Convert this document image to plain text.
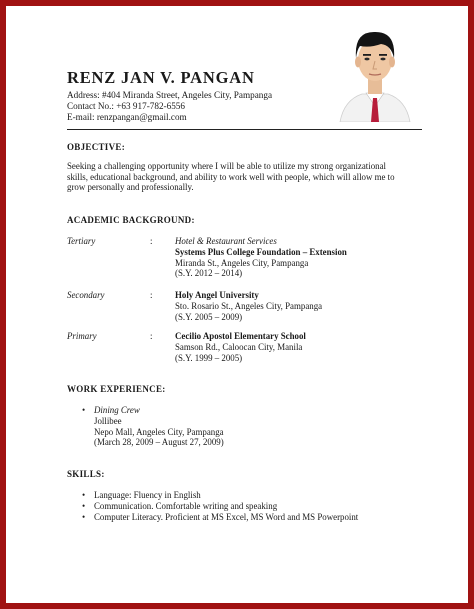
RENZ JAN V. PANGAN
Address: #404 Miranda Street, Angeles City, Pampanga
Contact No.: +63 917-782-6556
E-mail: renzpangan@gmail.com
OBJECTIVE:
Seeking a challenging opportunity where I will be able to utilize my strong organizational
skills, educational background, and ability to work well with people, which will allow me to
grow personally and professionally.
ACADEMIC BACKGROUND:
Tertiary	:	Hotel & Restaurant Services
Systems Plus College Foundation – Extension
Miranda St., Angeles City, Pampanga
(S.Y. 2012 – 2014)
Secondary	:	Holy Angel University
Sto. Rosario St., Angeles City, Pampanga
(S.Y. 2005 – 2009)
Primary	:	Cecilio Apostol Elementary School
Samson Rd., Caloocan City, Manila
(S.Y. 1999 – 2005)
WORK EXPERIENCE:
• Dining Crew
Jollibee
Nepo Mall, Angeles City, Pampanga
(March 28, 2009 – August 27, 2009)
SKILLS:
• Language: Fluency in English
• Communication. Comfortable writing and speaking
• Computer Literacy. Proficient at MS Excel, MS Word and MS Powerpoint
